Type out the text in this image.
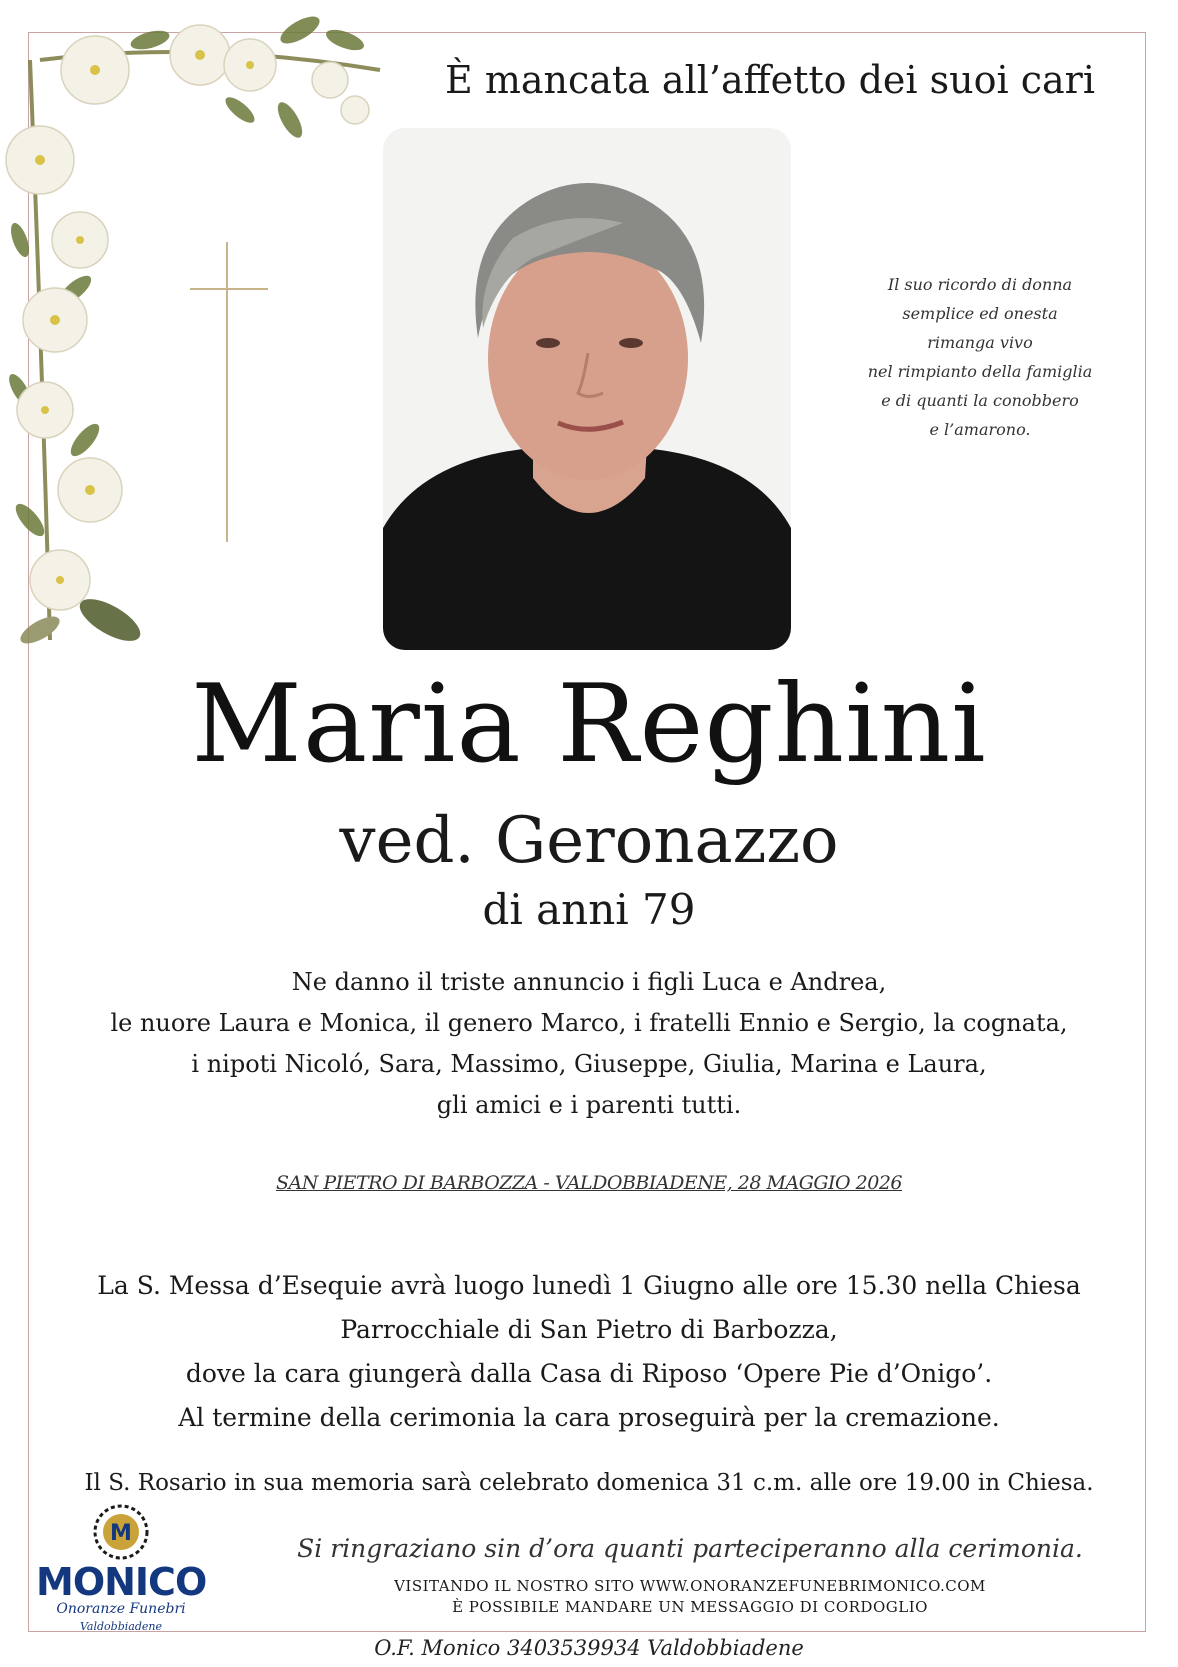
È mancata all’affetto dei suoi cari
Il suo ricordo di donna
semplice ed onesta
rimanga vivo
nel rimpianto della famiglia
e di quanti la conobbero
e l’amarono.
Maria Reghini
ved. Geronazzo
di anni 79
Ne danno il triste annuncio i figli Luca e Andrea,
le nuore Laura e Monica, il genero Marco, i fratelli Ennio e Sergio, la cognata,
i nipoti Nicoló, Sara, Massimo, Giuseppe, Giulia, Marina e Laura,
gli amici e i parenti tutti.
SAN PIETRO DI BARBOZZA - VALDOBBIADENE, 28 MAGGIO 2026
La S. Messa d’Esequie avrà luogo lunedì 1 Giugno alle ore 15.30 nella Chiesa
Parrocchiale di San Pietro di Barbozza,
dove la cara giungerà dalla Casa di Riposo ‘Opere Pie d’Onigo’.
Al termine della cerimonia la cara proseguirà per la cremazione.
Il S. Rosario in sua memoria sarà celebrato domenica 31 c.m. alle ore 19.00 in Chiesa.
M
MONICO
Onoranze Funebri
Valdobbiadene
Si ringraziano sin d’ora quanti parteciperanno alla cerimonia.
VISITANDO IL NOSTRO SITO WWW.ONORANZEFUNEBRIMONICO.COM
È POSSIBILE MANDARE UN MESSAGGIO DI CORDOGLIO
O.F. Monico 3403539934 Valdobbiadene
